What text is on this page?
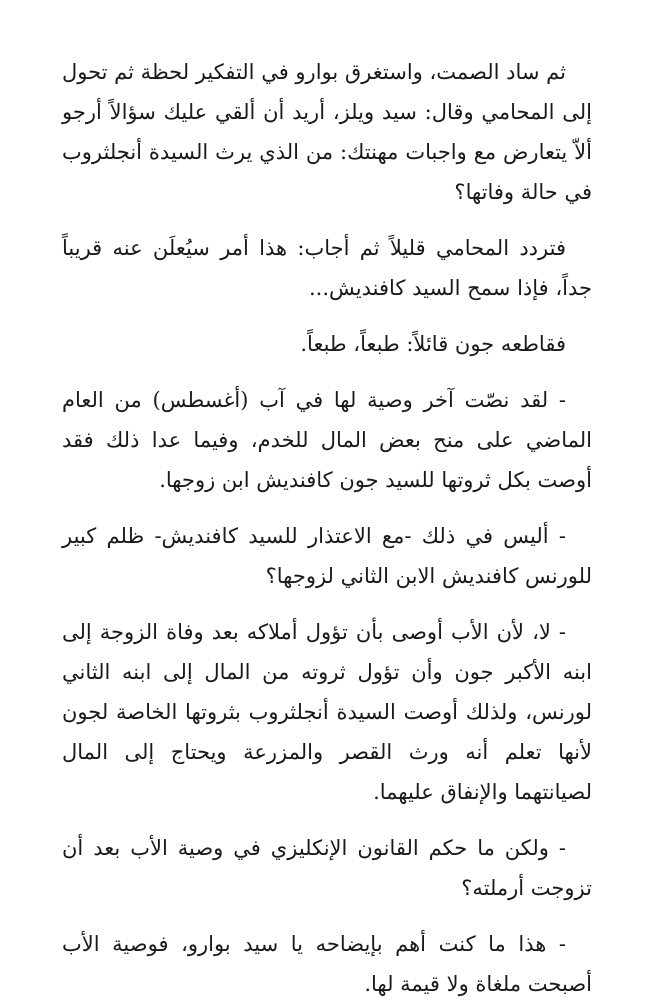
ثم ساد الصمت، واستغرق بوارو في التفكير لحظة ثم تحول إلى المحامي وقال: سيد ويلز، أريد أن ألقي عليك سؤالاً أرجو ألاّ يتعارض مع واجبات مهنتك: من الذي يرث السيدة أنجلثروب في حالة وفاتها؟

فتردد المحامي قليلاً ثم أجاب: هذا أمر سيُعلَن عنه قريباً جداً، فإذا سمح السيد كافنديش...

فقاطعه جون قائلاً: طبعاً، طبعاً.

- لقد نصّت آخر وصية لها في آب (أغسطس) من العام الماضي على منح بعض المال للخدم، وفيما عدا ذلك فقد أوصت بكل ثروتها للسيد جون كافنديش ابن زوجها.

- أليس في ذلك -مع الاعتذار للسيد كافنديش- ظلم كبير للورنس كافنديش الابن الثاني لزوجها؟

- لا، لأن الأب أوصى بأن تؤول أملاكه بعد وفاة الزوجة إلى ابنه الأكبر جون وأن تؤول ثروته من المال إلى ابنه الثاني لورنس، ولذلك أوصت السيدة أنجلثروب بثروتها الخاصة لجون لأنها تعلم أنه ورث القصر والمزرعة ويحتاج إلى المال لصيانتهما والإنفاق عليهما.

- ولكن ما حكم القانون الإنكليزي في وصية الأب بعد أن تزوجت أرملته؟

- هذا ما كنت أهم بإيضاحه يا سيد بوارو، فوصية الأب أصبحت ملغاة ولا قيمة لها.
